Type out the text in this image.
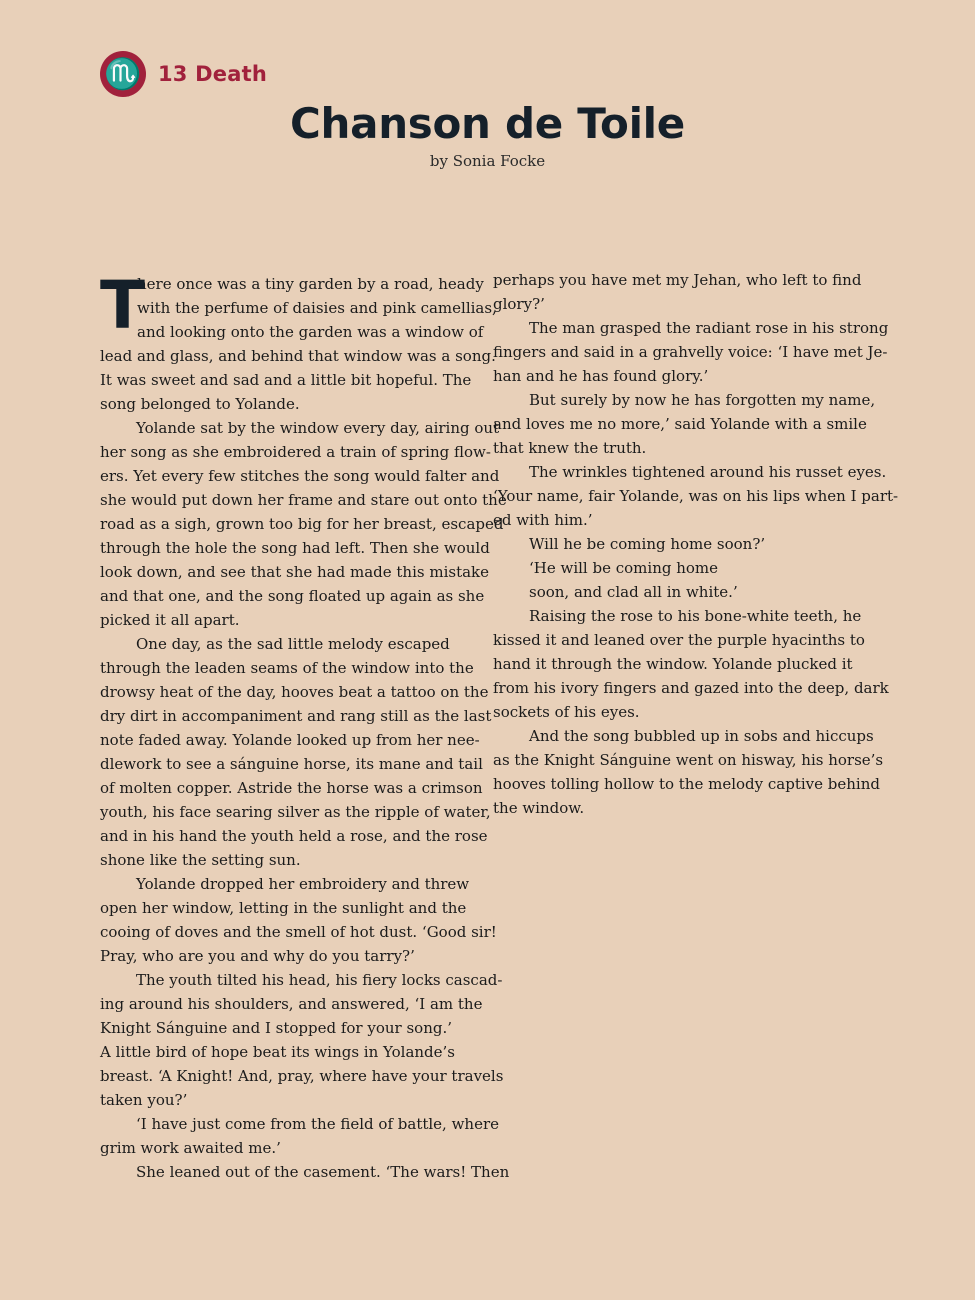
♏ 13 Death
Chanson de Toile
by Sonia Focke
T
here once was a tiny garden by a road, heady
with the perfume of daisies and pink camellias,
and looking onto the garden was a window of
lead and glass, and behind that window was a song.
It was sweet and sad and a little bit hopeful. The
song belonged to Yolande.
Yolande sat by the window every day, airing out
her song as she embroidered a train of spring flow-
ers. Yet every few stitches the song would falter and
she would put down her frame and stare out onto the
road as a sigh, grown too big for her breast, escaped
through the hole the song had left. Then she would
look down, and see that she had made this mistake
and that one, and the song floated up again as she
picked it all apart.
One day, as the sad little melody escaped
through the leaden seams of the window into the
drowsy heat of the day, hooves beat a tattoo on the
dry dirt in accompaniment and rang still as the last
note faded away. Yolande looked up from her nee-
dlework to see a sánguine horse, its mane and tail
of molten copper. Astride the horse was a crimson
youth, his face searing silver as the ripple of water,
and in his hand the youth held a rose, and the rose
shone like the setting sun.
Yolande dropped her embroidery and threw
open her window, letting in the sunlight and the
cooing of doves and the smell of hot dust. ‘Good sir!
Pray, who are you and why do you tarry?’
The youth tilted his head, his fiery locks cascad-
ing around his shoulders, and answered, ‘I am the
Knight Sánguine and I stopped for your song.’
A little bird of hope beat its wings in Yolande’s
breast. ‘A Knight! And, pray, where have your travels
taken you?’
‘I have just come from the field of battle, where
grim work awaited me.’
She leaned out of the casement. ‘The wars! Then
perhaps you have met my Jehan, who left to find
glory?’
The man grasped the radiant rose in his strong
fingers and said in a grahvelly voice: ‘I have met Je-
han and he has found glory.’
But surely by now he has forgotten my name,
and loves me no more,’ said Yolande with a smile
that knew the truth.
The wrinkles tightened around his russet eyes.
‘Your name, fair Yolande, was on his lips when I part-
ed with him.’
Will he be coming home soon?’
‘He will be coming home
soon, and clad all in white.’
Raising the rose to his bone-white teeth, he
kissed it and leaned over the purple hyacinths to
hand it through the window. Yolande plucked it
from his ivory fingers and gazed into the deep, dark
sockets of his eyes.
And the song bubbled up in sobs and hiccups
as the Knight Sánguine went on hisway, his horse’s
hooves tolling hollow to the melody captive behind
the window.
